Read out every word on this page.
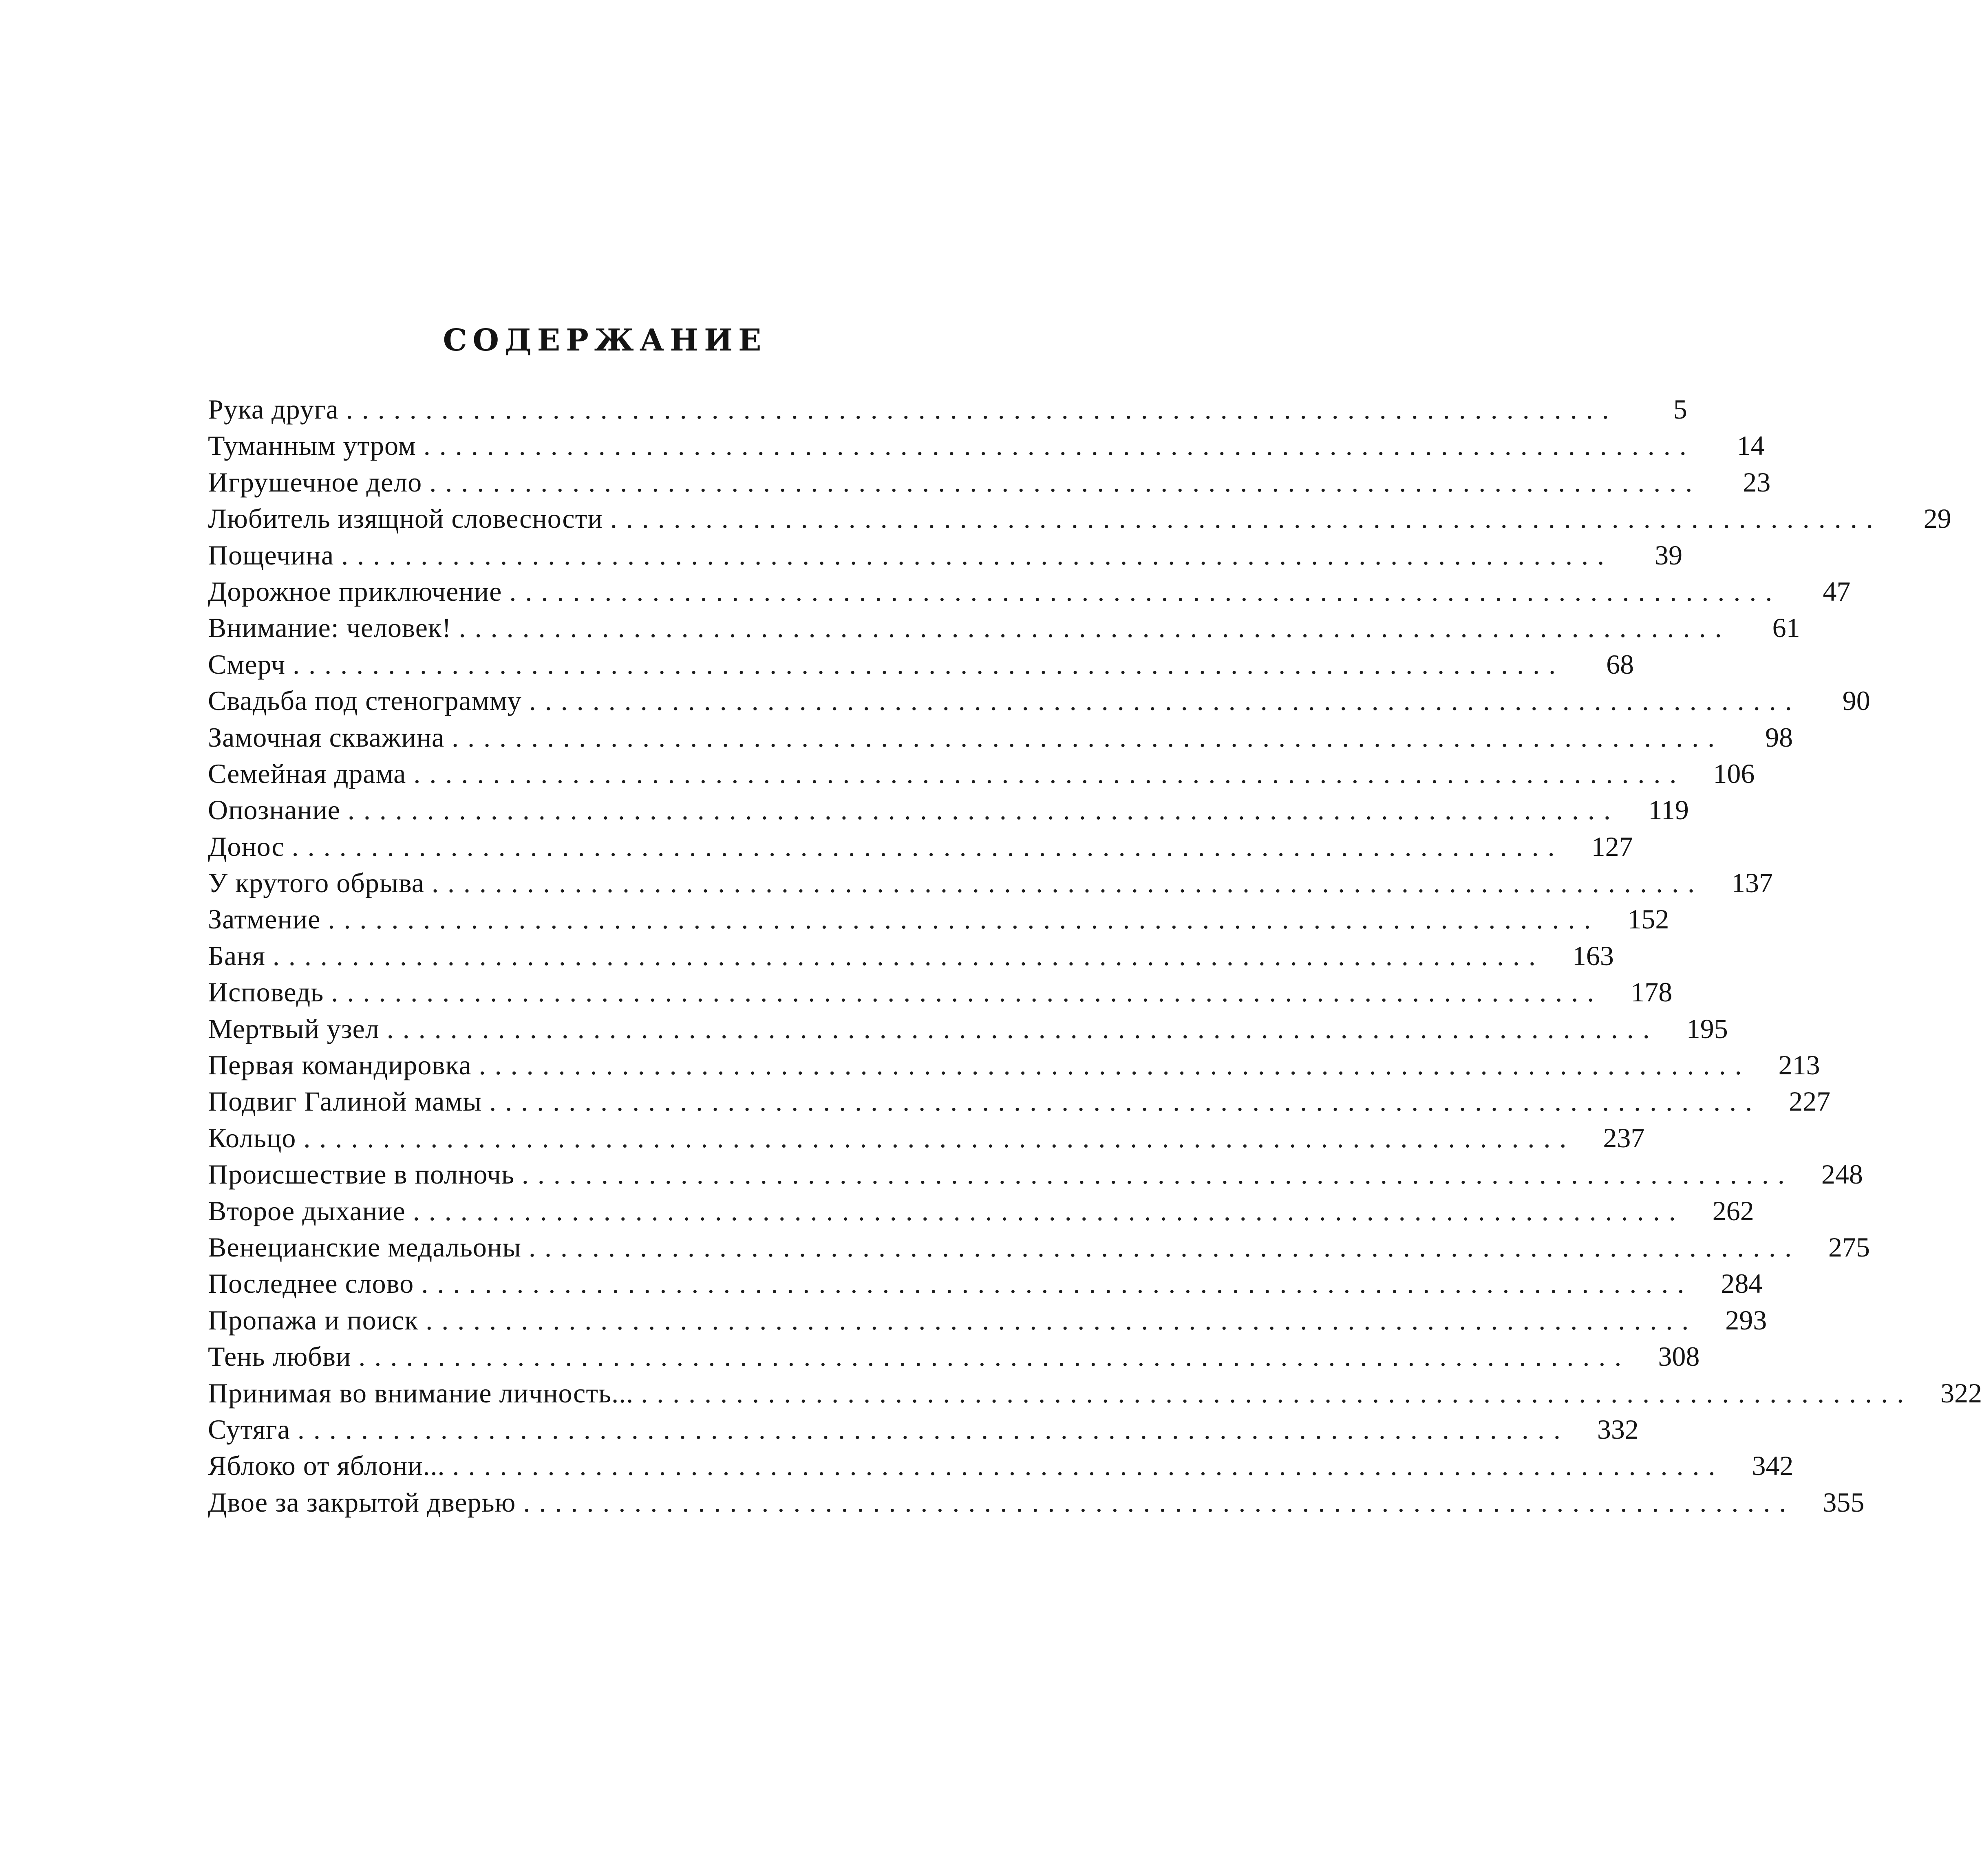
СОДЕРЖАНИЕ
Рука друга ................................................................................	5
Туманным утром ................................................................................	14
Игрушечное дело ................................................................................	23
Любитель изящной словесности ................................................................................	29
Пощечина ................................................................................	39
Дорожное приключение ................................................................................	47
Внимание: человек! ................................................................................	61
Смерч ................................................................................	68
Свадьба под стенограмму ................................................................................	90
Замочная скважина ................................................................................	98
Семейная драма ................................................................................	106
Опознание ................................................................................	119
Донос ................................................................................	127
У крутого обрыва ................................................................................	137
Затмение ................................................................................	152
Баня ................................................................................	163
Исповедь ................................................................................	178
Мертвый узел ................................................................................	195
Первая командировка ................................................................................	213
Подвиг Галиной мамы ................................................................................	227
Кольцо ................................................................................	237
Происшествие в полночь ................................................................................	248
Второе дыхание ................................................................................	262
Венецианские медальоны ................................................................................	275
Последнее слово ................................................................................	284
Пропажа и поиск ................................................................................	293
Тень любви ................................................................................	308
Принимая во внимание личность... ................................................................................	322
Сутяга ................................................................................	332
Яблоко от яблони... ................................................................................	342
Двое за закрытой дверью ................................................................................	355
